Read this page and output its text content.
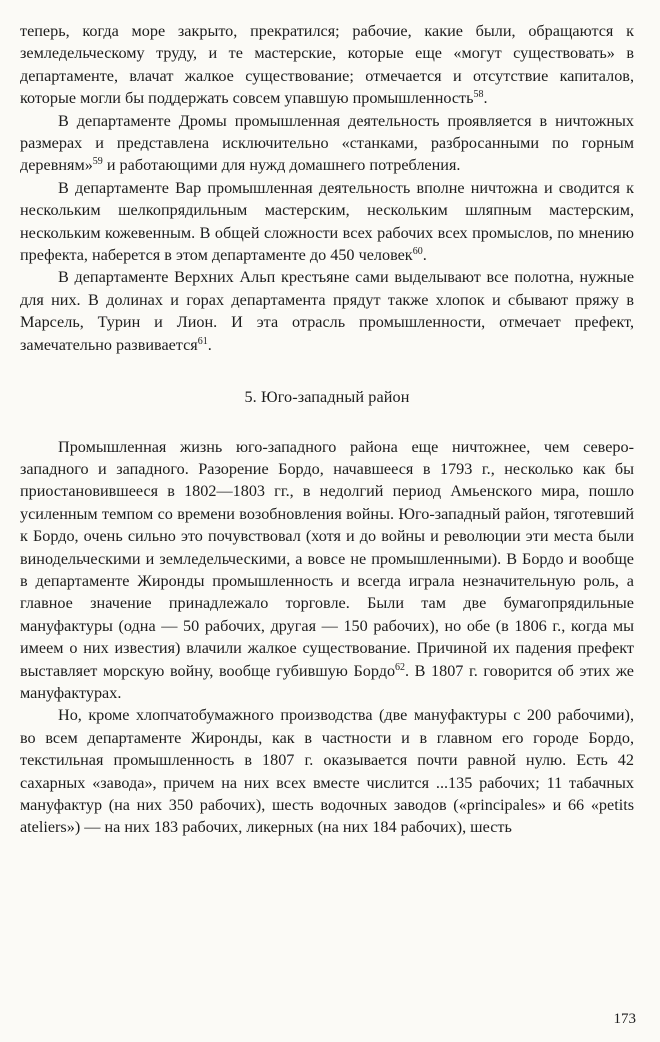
теперь, когда море закрыто, прекратился; рабочие, какие были, обращаются к земледельческому труду, и те мастерские, которые еще «могут существовать» в департаменте, влачат жалкое существование; отмечается и отсутствие капиталов, которые могли бы поддержать совсем упавшую промышленность$^{58}$.

В департаменте Дромы промышленная деятельность проявляется в ничтожных размерах и представлена исключительно «станками, разбросанными по горным деревням»$^{59}$ и работающими для нужд домашнего потребления.

В департаменте Вар промышленная деятельность вполне ничтожна и сводится к нескольким шелкопрядильным мастерским, нескольким шляпным мастерским, нескольким кожевенным. В общей сложности всех рабочих всех промыслов, по мнению префекта, наберется в этом департаменте до 450 человек$^{60}$.

В департаменте Верхних Альп крестьяне сами выделывают все полотна, нужные для них. В долинах и горах департамента прядут также хлопок и сбывают пряжу в Марсель, Турин и Лион. И эта отрасль промышленности, отмечает префект, замечательно развивается$^{61}$.

5. Юго-западный район

Промышленная жизнь юго-западного района еще ничтожнее, чем северо-западного и западного. Разорение Бордо, начавшееся в 1793 г., несколько как бы приостановившееся в 1802—1803 гг., в недолгий период Амьенского мира, пошло усиленным темпом со времени возобновления войны. Юго-западный район, тяготевший к Бордо, очень сильно это почувствовал (хотя и до войны и революции эти места были винодельческими и земледельческими, а вовсе не промышленными). В Бордо и вообще в департаменте Жиронды промышленность и всегда играла незначительную роль, а главное значение принадлежало торговле. Были там две бумагопрядильные мануфактуры (одна — 50 рабочих, другая — 150 рабочих), но обе (в 1806 г., когда мы имеем о них известия) влачили жалкое существование. Причиной их падения префект выставляет морскую войну, вообще губившую Бордо$^{62}$. В 1807 г. говорится об этих же мануфактурах.

Но, кроме хлопчатобумажного производства (две мануфактуры с 200 рабочими), во всем департаменте Жиронды, как в частности и в главном его городе Бордо, текстильная промышленность в 1807 г. оказывается почти равной нулю. Есть 42 сахарных «завода», причем на них всех вместе числится ...135 рабочих; 11 табачных мануфактур (на них 350 рабочих), шесть водочных заводов («principales» и 66 «petits ateliers») — на них 183 рабочих, ликерных (на них 184 рабочих), шесть

173
